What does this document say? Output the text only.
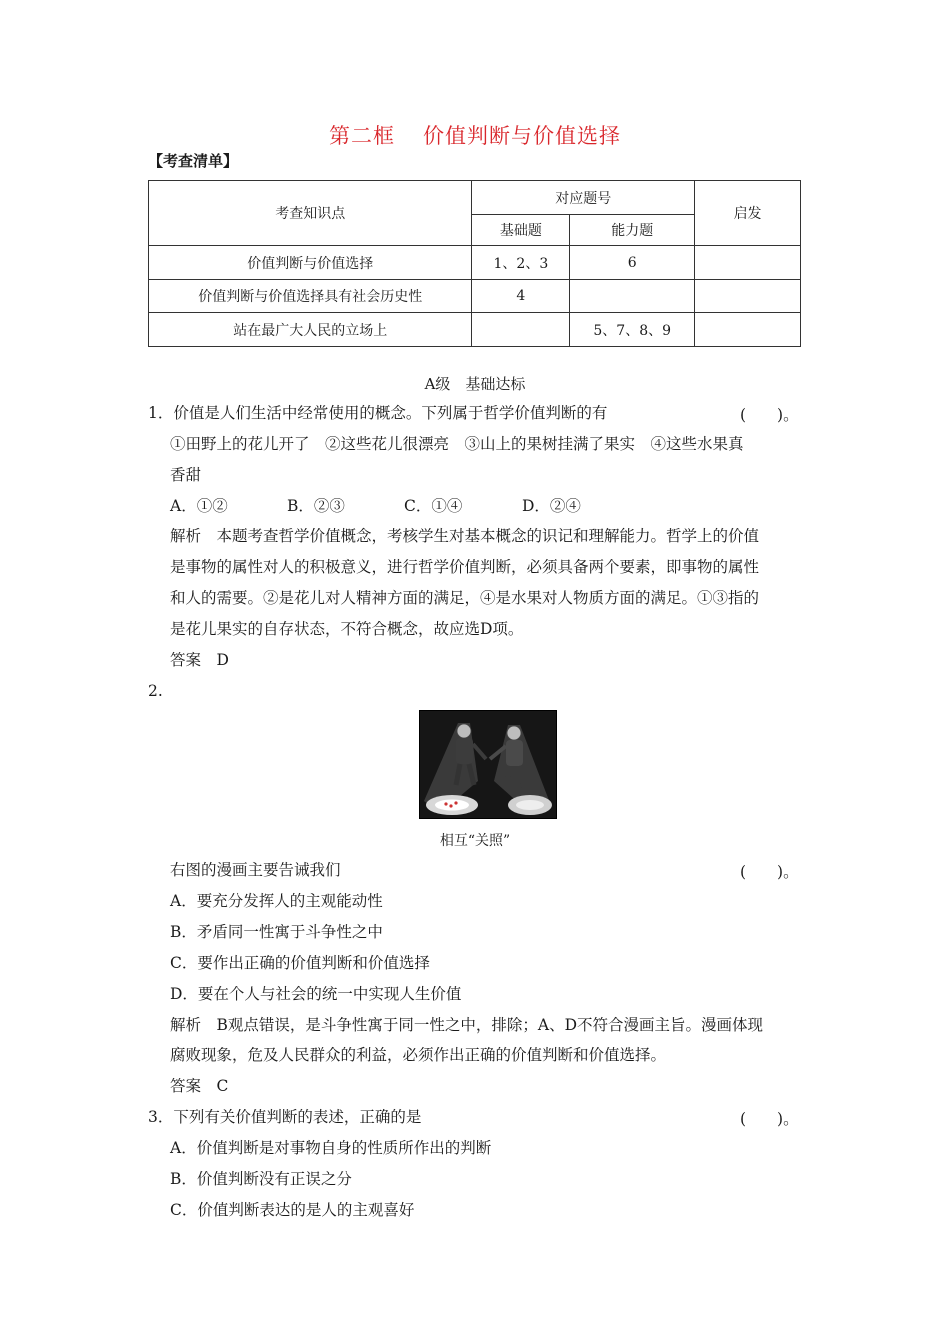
第二框 价值判断与价值选择
【考查清单】
考查知识点	对应题号		启发
	基础题	能力题	
价值判断与价值选择	1、2、3	6	
价值判断与价值选择具有社会历史性	4		
站在最广大人民的立场上		5、7、8、9	
A级　基础达标
1．价值是人们生活中经常使用的概念。下列属于哲学价值判断的有	(　　)。
①田野上的花儿开了　②这些花儿很漂亮　③山上的果树挂满了果实　④这些水果真
香甜
A．①②	B．②③	C．①④	D．②④
解析　本题考查哲学价值概念，考核学生对基本概念的识记和理解能力。哲学上的价值
是事物的属性对人的积极意义，进行哲学价值判断，必须具备两个要素，即事物的属性
和人的需要。②是花儿对人精神方面的满足，④是水果对人物质方面的满足。①③指的
是花儿果实的自存状态，不符合概念，故应选D项。
答案　D
2.
相互“关照”
右图的漫画主要告诫我们	(　　)。
A．要充分发挥人的主观能动性
B．矛盾同一性寓于斗争性之中
C．要作出正确的价值判断和价值选择
D．要在个人与社会的统一中实现人生价值
解析　B观点错误，是斗争性寓于同一性之中，排除；A、D不符合漫画主旨。漫画体现
腐败现象，危及人民群众的利益，必须作出正确的价值判断和价值选择。
答案　C
3．下列有关价值判断的表述，正确的是	(　　)。
A．价值判断是对事物自身的性质所作出的判断
B．价值判断没有正误之分
C．价值判断表达的是人的主观喜好
